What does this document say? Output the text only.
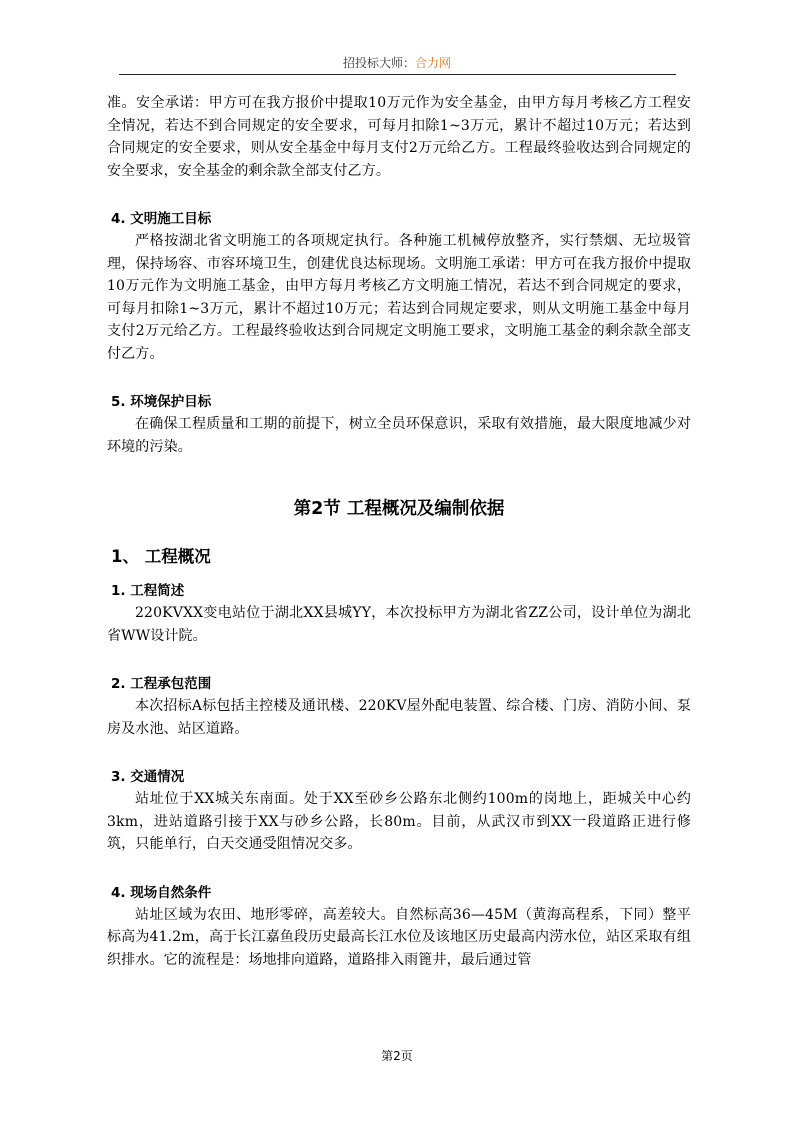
招投标大师：合力网

准。安全承诺：甲方可在我方报价中提取10万元作为安全基金，由甲方每月考核乙方工程安全情况，若达不到合同规定的安全要求，可每月扣除1~3万元，累计不超过10万元；若达到合同规定的安全要求，则从安全基金中每月支付2万元给乙方。工程最终验收达到合同规定的安全要求，安全基金的剩余款全部支付乙方。

4. 文明施工目标

严格按湖北省文明施工的各项规定执行。各种施工机械停放整齐，实行禁烟、无垃圾管理，保持场容、市容环境卫生，创建优良达标现场。文明施工承诺：甲方可在我方报价中提取10万元作为文明施工基金，由甲方每月考核乙方文明施工情况，若达不到合同规定的要求，可每月扣除1~3万元，累计不超过10万元；若达到合同规定要求，则从文明施工基金中每月支付2万元给乙方。工程最终验收达到合同规定文明施工要求，文明施工基金的剩余款全部支付乙方。

5. 环境保护目标

在确保工程质量和工期的前提下，树立全员环保意识，采取有效措施，最大限度地减少对环境的污染。

第2节 工程概况及编制依据
1、 工程概况
1. 工程简述

220KVXX变电站位于湖北XX县城YY，本次投标甲方为湖北省ZZ公司，设计单位为湖北省WW设计院。

2. 工程承包范围

本次招标A标包括主控楼及通讯楼、220KV屋外配电装置、综合楼、门房、消防小间、泵房及水池、站区道路。

3. 交通情况

站址位于XX城关东南面。处于XX至砂乡公路东北侧约100m的岗地上，距城关中心约3km，进站道路引接于XX与砂乡公路，长80m。目前，从武汉市到XX一段道路正进行修筑，只能单行，白天交通受阻情况交多。

4. 现场自然条件

站址区域为农田、地形零碎，高差较大。自然标高36—45M（黄海高程系，下同）整平标高为41.2m，高于长江嘉鱼段历史最高长江水位及该地区历史最高内涝水位，站区采取有组织排水。它的流程是：场地排向道路，道路排入雨篦井，最后通过管

第2页
